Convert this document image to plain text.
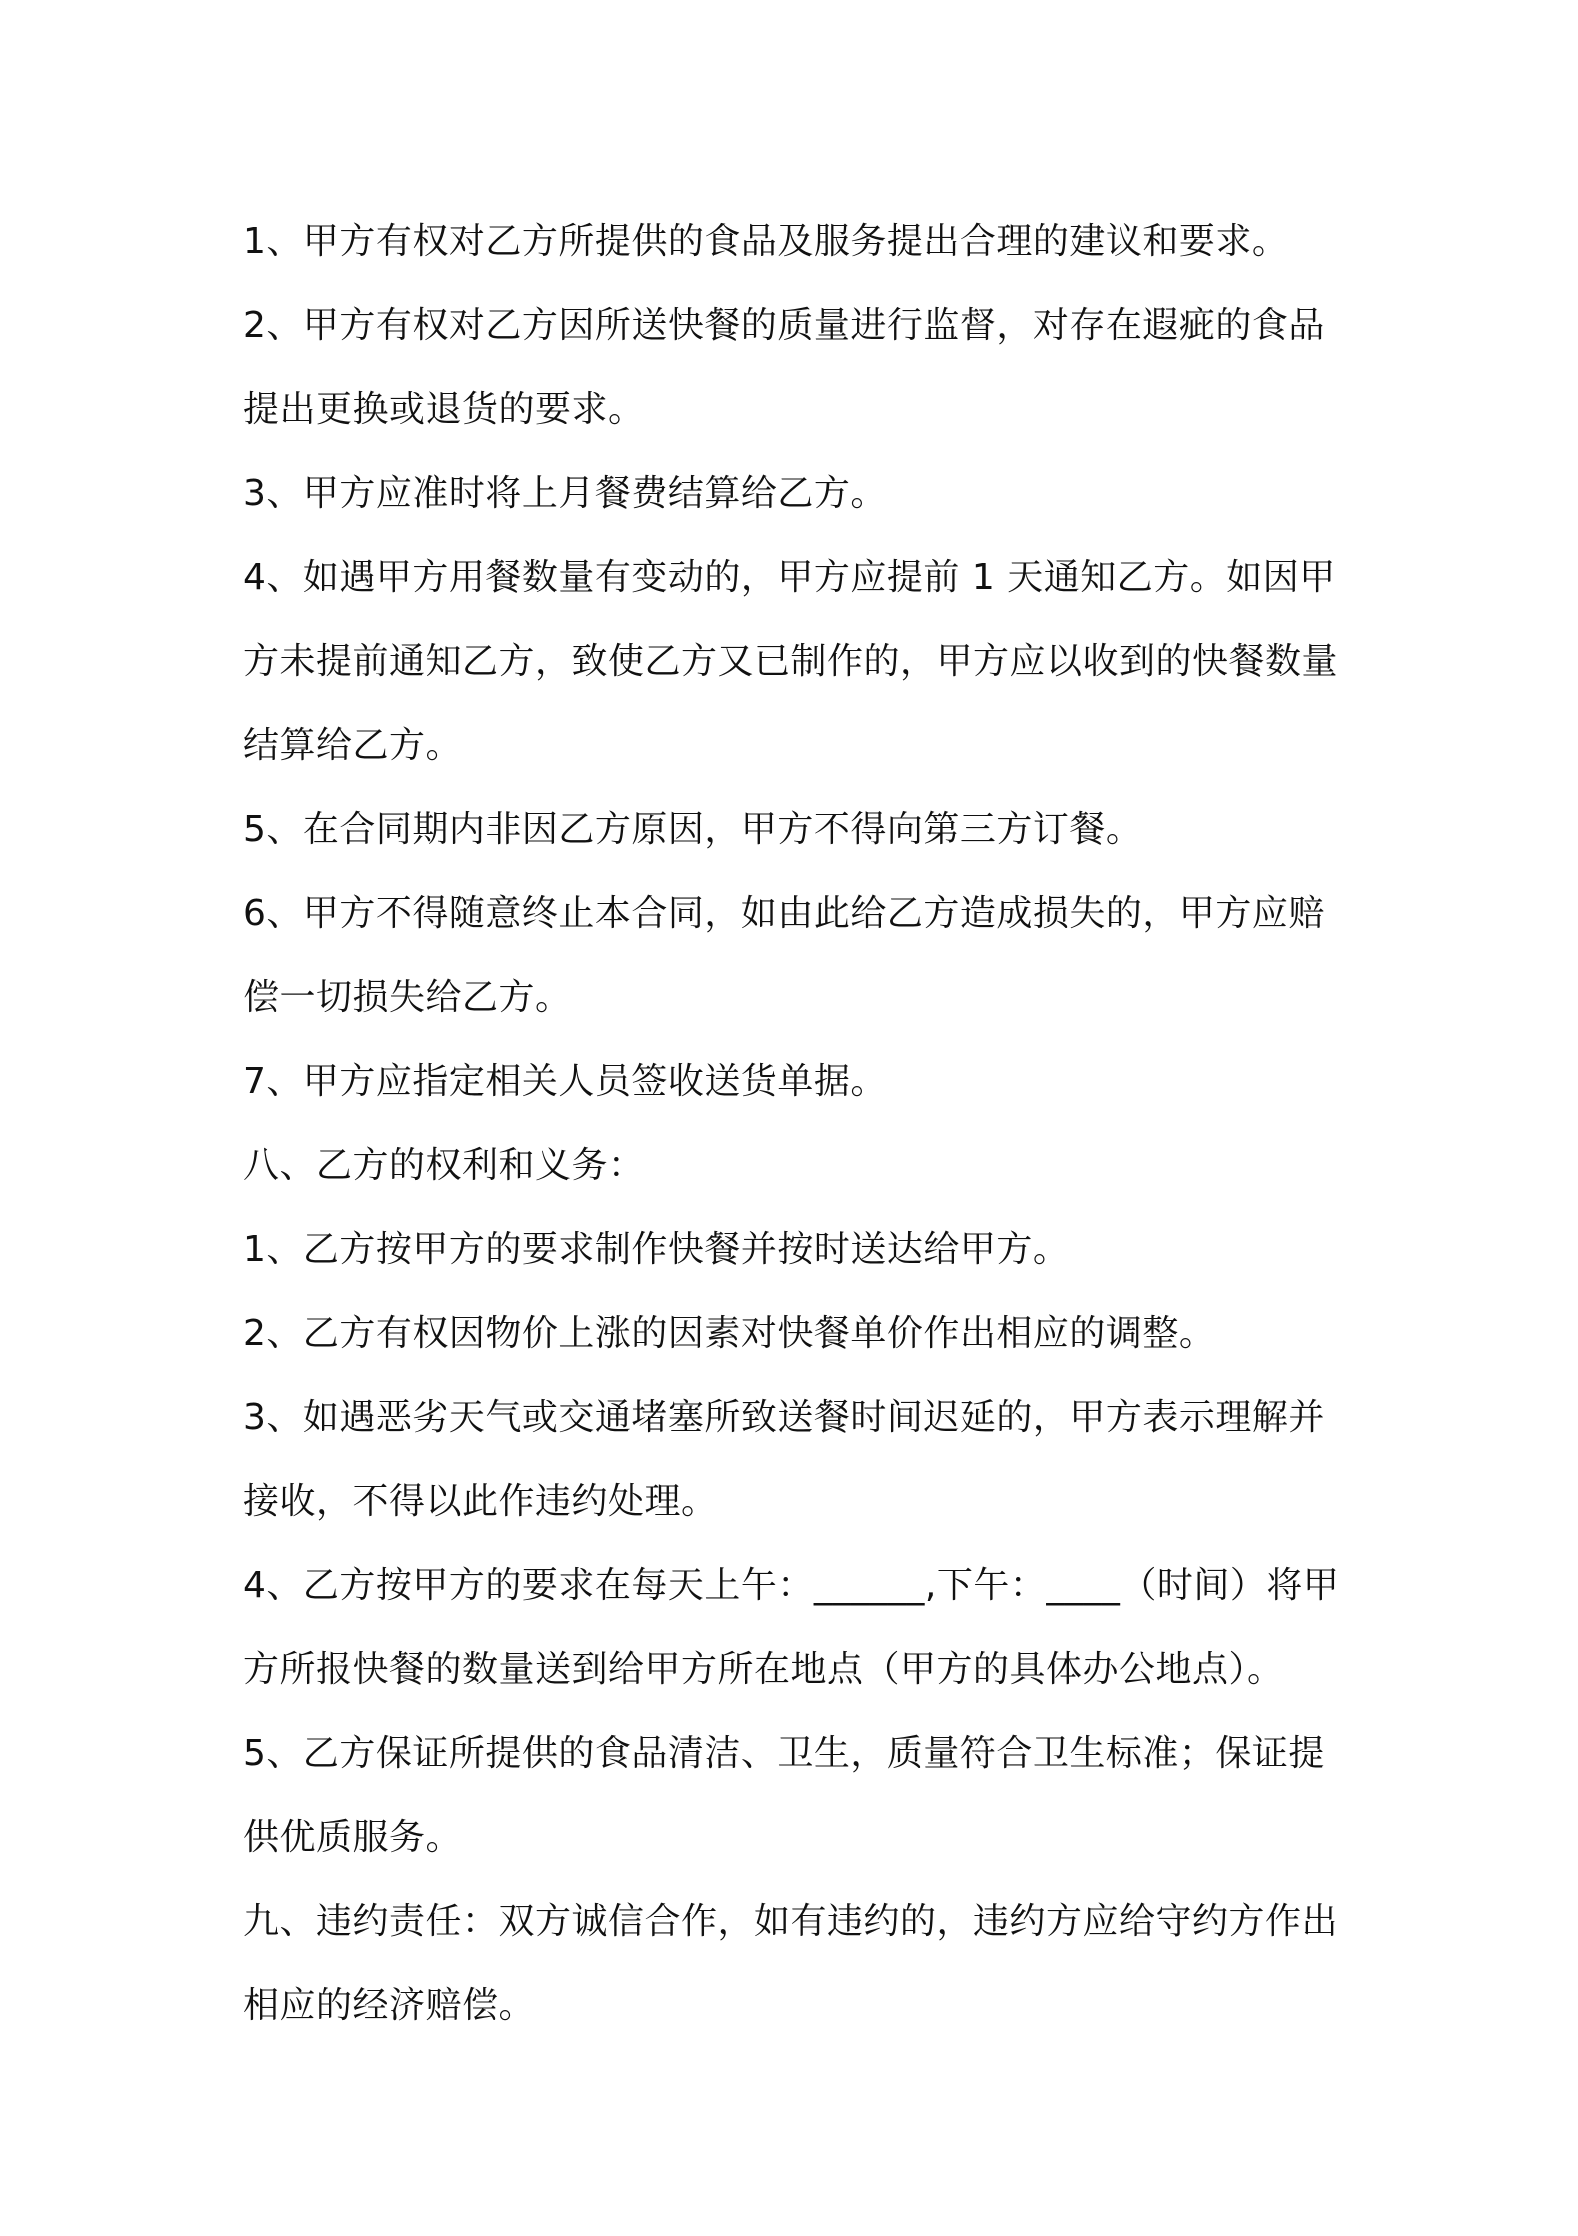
1、甲方有权对乙方所提供的食品及服务提出合理的建议和要求。

2、甲方有权对乙方因所送快餐的质量进行监督，对存在遐疵的食品提出更换或退货的要求。

3、甲方应准时将上月餐费结算给乙方。

4、如遇甲方用餐数量有变动的，甲方应提前 1 天通知乙方。如因甲方未提前通知乙方，致使乙方又已制作的，甲方应以收到的快餐数量结算给乙方。

5、在合同期内非因乙方原因，甲方不得向第三方订餐。

6、甲方不得随意终止本合同，如由此给乙方造成损失的，甲方应赔偿一切损失给乙方。

7、甲方应指定相关人员签收送货单据。

八、乙方的权利和义务：

1、乙方按甲方的要求制作快餐并按时送达给甲方。

2、乙方有权因物价上涨的因素对快餐单价作出相应的调整。

3、如遇恶劣天气或交通堵塞所致送餐时间迟延的，甲方表示理解并接收，不得以此作违约处理。

4、乙方按甲方的要求在每天上午：______,下午：____（时间）将甲方所报快餐的数量送到给甲方所在地点（甲方的具体办公地点）。

5、乙方保证所提供的食品清洁、卫生，质量符合卫生标准；保证提供优质服务。

九、违约责任：双方诚信合作，如有违约的，违约方应给守约方作出相应的经济赔偿。
